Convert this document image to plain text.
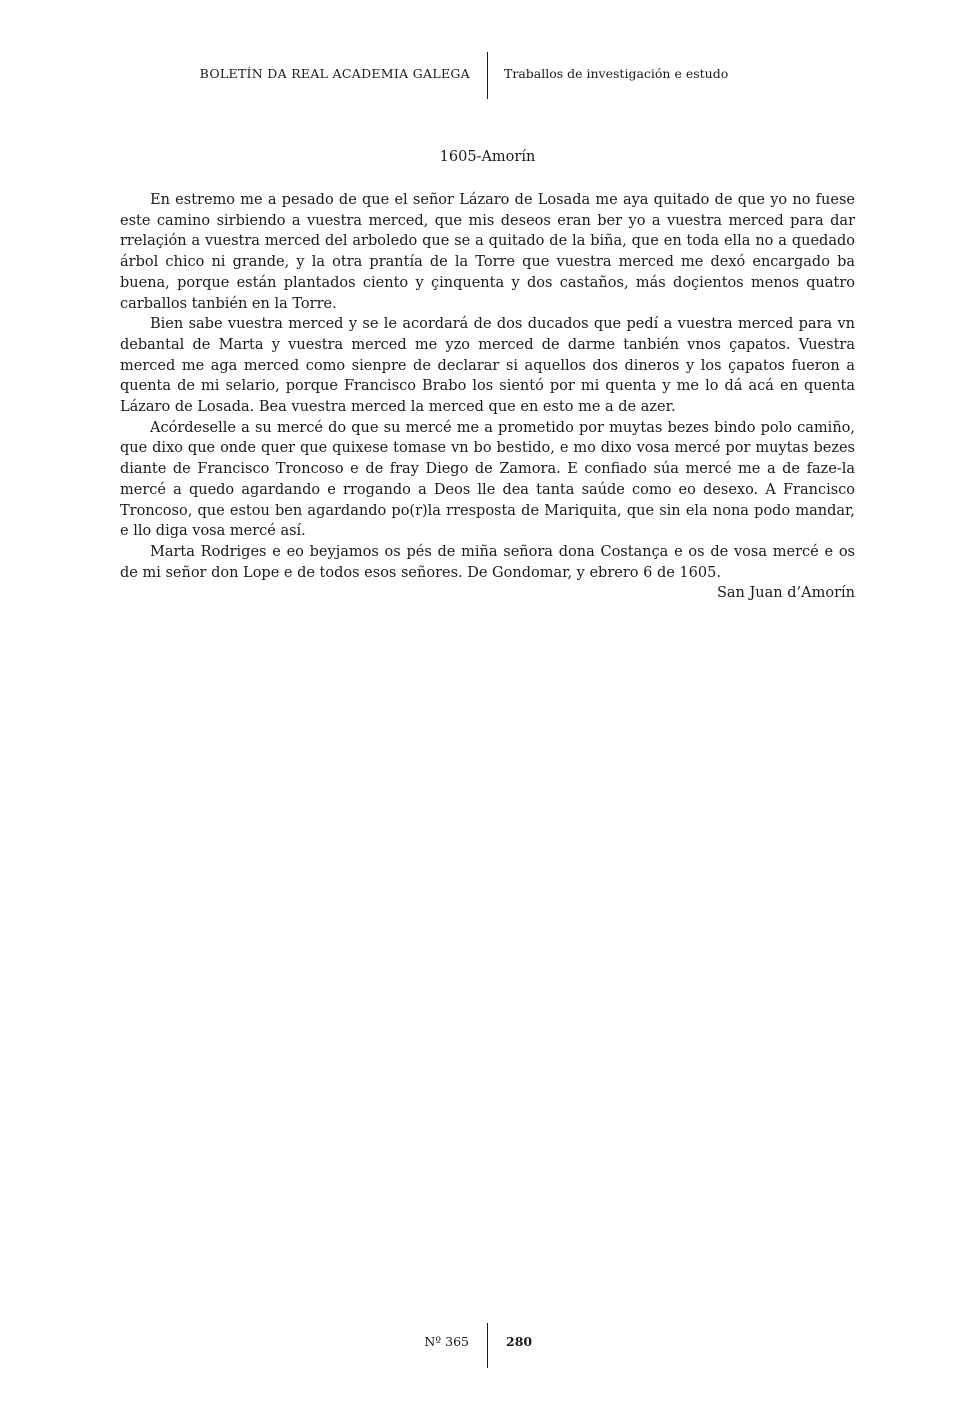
BOLETÍN DA REAL ACADEMIA GALEGA	Traballos de investigación e estudo
1605-Amorín

En estremo me a pesado de que el señor Lázaro de Losada me aya quitado de que yo no fuese este camino sirbiendo a vuestra merced, que mis deseos eran ber yo a vuestra merced para dar rrelaçión a vuestra merced del arboledo que se a quitado de la biña, que en toda ella no a quedado árbol chico ni grande, y la otra prantía de la Torre que vuestra merced me dexó encargado ba buena, porque están plantados ciento y çinquenta y dos castaños, más doçientos menos quatro carballos tanbién en la Torre.

Bien sabe vuestra merced y se le acordará de dos ducados que pedí a vuestra merced para vn debantal de Marta y vuestra merced me yzo merced de darme tanbién vnos çapatos. Vuestra merced me aga merced como sienpre de declarar si aquellos dos dineros y los çapatos fueron a quenta de mi selario, porque Francisco Brabo los sientó por mi quenta y me lo dá acá en quenta Lázaro de Losada. Bea vuestra merced la merced que en esto me a de azer.

Acórdeselle a su mercé do que su mercé me a prometido por muytas bezes bindo polo camiño, que dixo que onde quer que quixese tomase vn bo bestido, e mo dixo vosa mercé por muytas bezes diante de Francisco Troncoso e de fray Diego de Zamora. E confiado súa mercé me a de faze-la mercé a quedo agardando e rrogando a Deos lle dea tanta saúde como eo desexo. A Francisco Troncoso, que estou ben agardando po(r)la rresposta de Mariquita, que sin ela nona podo mandar, e llo diga vosa mercé así.

Marta Rodriges e eo beyjamos os pés de miña señora dona Costança e os de vosa mercé e os de mi señor don Lope e de todos esos señores. De Gondomar, y ebrero 6 de 1605.

San Juan d’Amorín

Nº 365	280
